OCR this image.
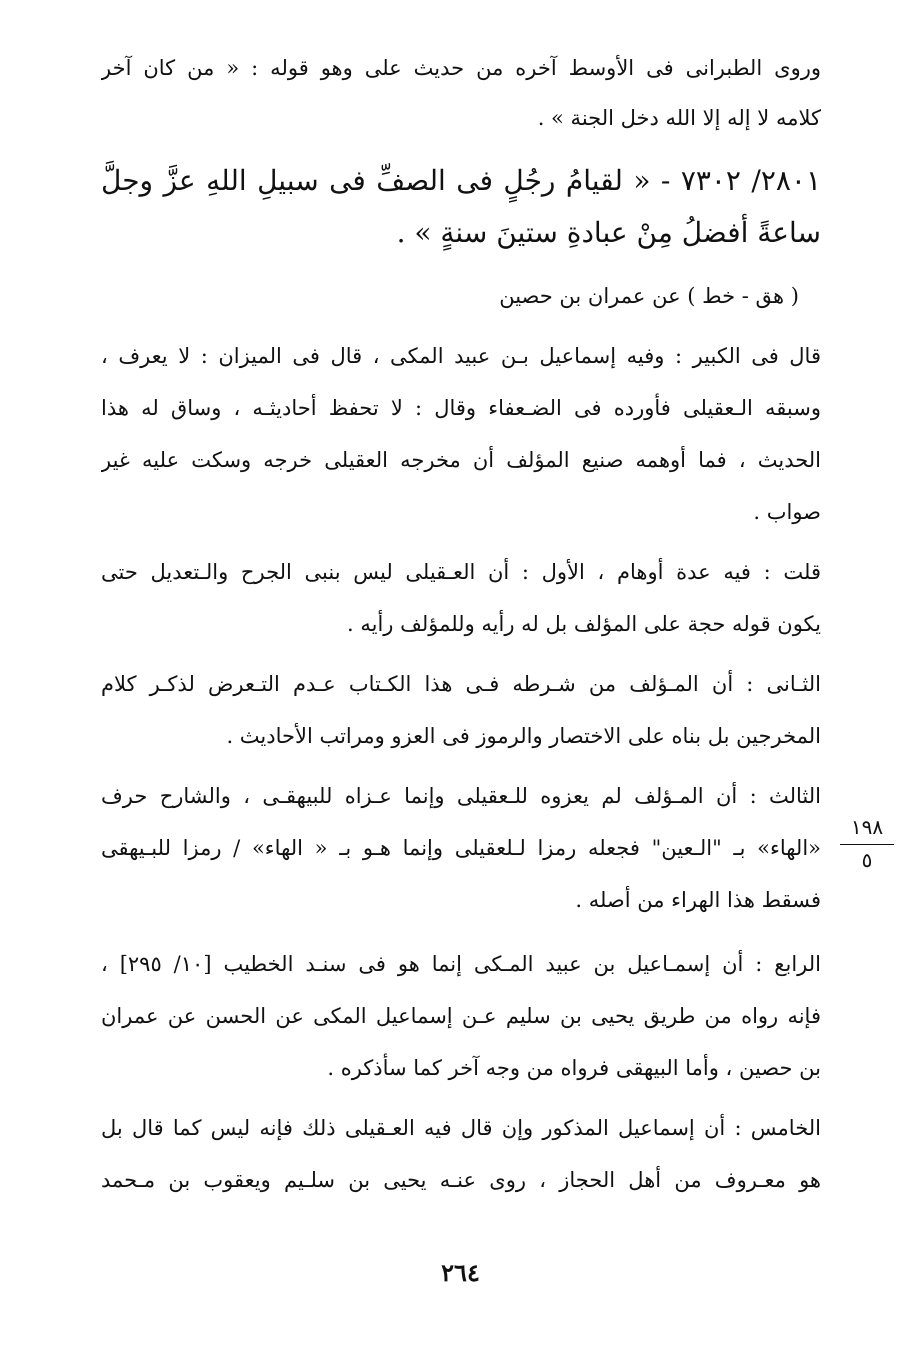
وروى الطبرانى فى الأوسط آخره من حديث على وهو قوله : « من كان آخر
كلامه لا إله إلا الله دخل الجنة » .
٢٨٠١/ ٧٣٠٢ - « لقيامُ رجُلٍ فى الصفِّ فى سبيلِ اللهِ عزَّ وجلَّ
ساعةً أفضلُ مِنْ عبادةِ ستينَ سنةٍ » .
( هق - خط ) عن عمران بن حصين
قال فى الكبير : وفيه إسماعيل بـن عبيد المكى ، قال فى الميزان : لا يعرف ،
وسبقه الـعقيلى فأورده فى الضـعفاء وقال : لا تحفظ أحاديثـه ، وساق له هذا
الحديث ، فما أوهمه صنيع المؤلف أن مخرجه العقيلى خرجه وسكت عليه غير
صواب .
قلت : فيه عدة أوهام ، الأول : أن العـقيلى ليس بنبى الجرح والـتعديل حتى
يكون قوله حجة على المؤلف بل له رأيه وللمؤلف رأيه .
الثـانى : أن المـؤلف من شـرطه فـى هذا الكـتاب عـدم التـعرض لذكـر كلام
المخرجين بل بناه على الاختصار والرموز فى العزو ومراتب الأحاديث .
الثالث : أن المـؤلف لم يعزوه للـعقيلى وإنما عـزاه للبيهقـى ، والشارح حرف
«الهاء» بـ "الـعين" فجعله رمزا لـلعقيلى وإنما هـو بـ « الهاء» / رمزا للبـيهقى
فسقط هذا الهراء من أصله .
١٩٨
٥
الرابع : أن إسمـاعيل بن عبيد المـكى إنما هو فى سنـد الخطيب [١٠/ ٢٩٥] ،
فإنه رواه من طريق يحيى بن سليم عـن إسماعيل المكى عن الحسن عن عمران
بن حصين ، وأما البيهقى فرواه من وجه آخر كما سأذكره .
الخامس : أن إسماعيل المذكور وإن قال فيه العـقيلى ذلك فإنه ليس كما قال بل
هو معـروف من أهل الحجاز ، روى عنـه يحيى بن سلـيم ويعقوب بن مـحمد
٢٦٤
